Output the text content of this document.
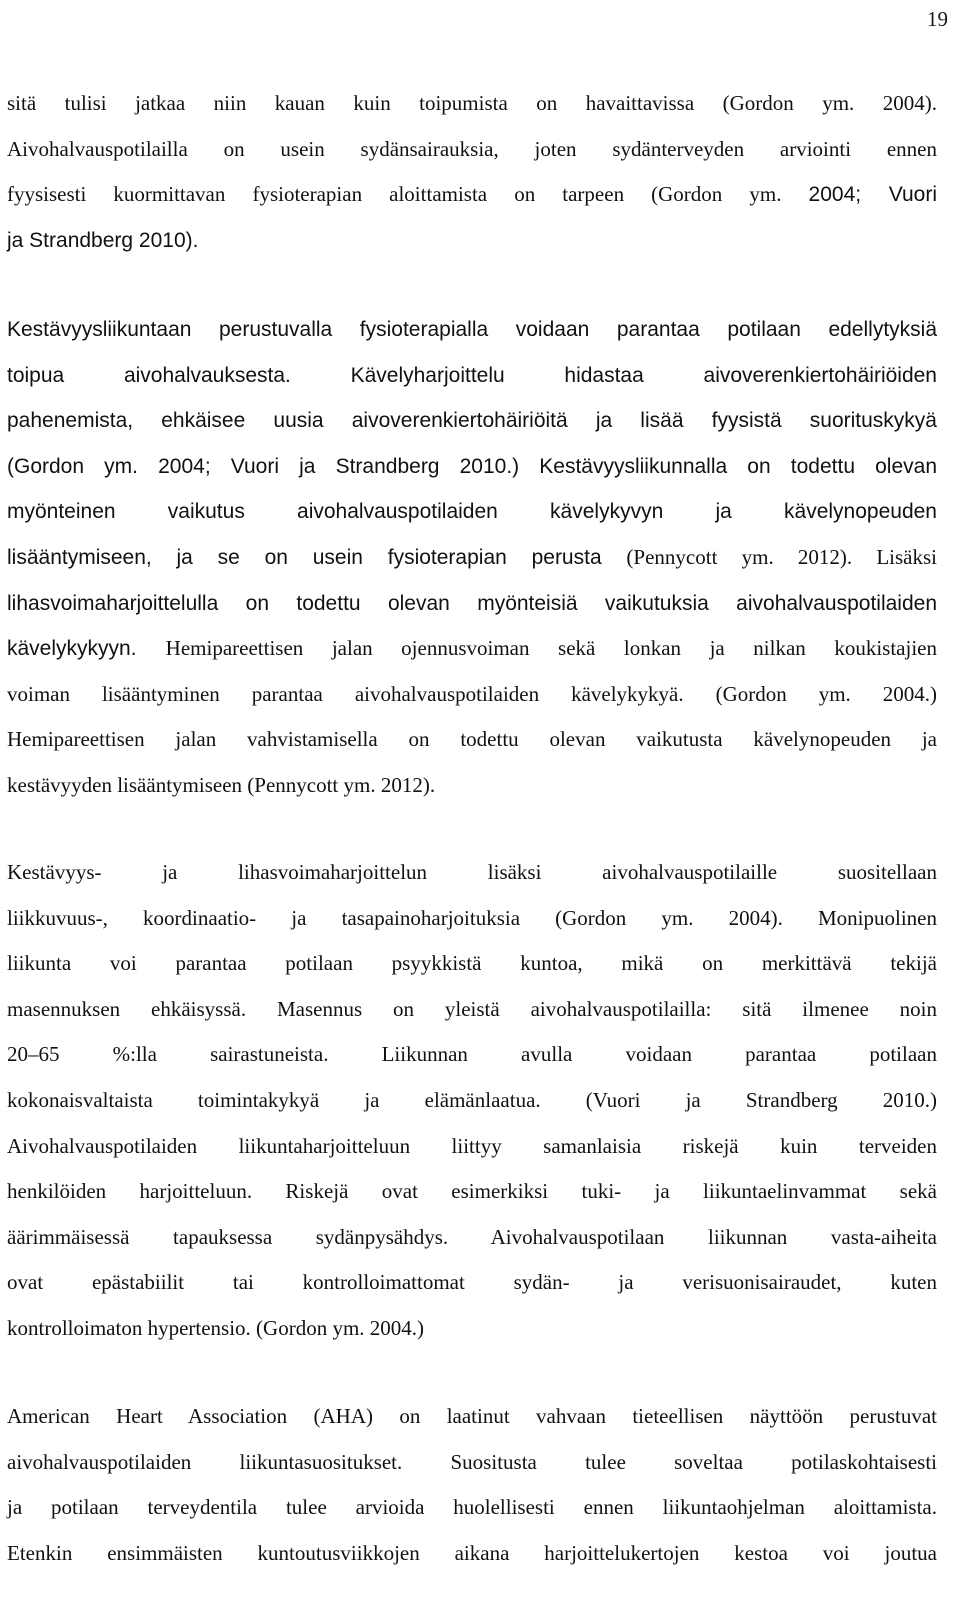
19
sitä tulisi jatkaa niin kauan kuin toipumista on havaittavissa (Gordon ym. 2004).
Aivohalvauspotilailla on usein sydänsairauksia, joten sydänterveyden arviointi ennen
fyysisesti kuormittavan fysioterapian aloittamista on tarpeen (Gordon ym. 2004; Vuori
ja Strandberg 2010).
Kestävyysliikuntaan perustuvalla fysioterapialla voidaan parantaa potilaan edellytyksiä
toipua aivohalvauksesta. Kävelyharjoittelu hidastaa aivoverenkiertohäiriöiden
pahenemista, ehkäisee uusia aivoverenkiertohäiriöitä ja lisää fyysistä suorituskykyä
(Gordon ym. 2004; Vuori ja Strandberg 2010.) Kestävyysliikunnalla on todettu olevan
myönteinen vaikutus aivohalvauspotilaiden kävelykyvyn ja kävelynopeuden
lisääntymiseen, ja se on usein fysioterapian perusta (Pennycott ym. 2012). Lisäksi
lihasvoimaharjoittelulla on todettu olevan myönteisiä vaikutuksia aivohalvauspotilaiden
kävelykykyyn. Hemipareettisen jalan ojennusvoiman sekä lonkan ja nilkan koukistajien
voiman lisääntyminen parantaa aivohalvauspotilaiden kävelykykyä. (Gordon ym. 2004.)
Hemipareettisen jalan vahvistamisella on todettu olevan vaikutusta kävelynopeuden ja
kestävyyden lisääntymiseen (Pennycott ym. 2012).
Kestävyys- ja lihasvoimaharjoittelun lisäksi aivohalvauspotilaille suositellaan
liikkuvuus-, koordinaatio- ja tasapainoharjoituksia (Gordon ym. 2004). Monipuolinen
liikunta voi parantaa potilaan psyykkistä kuntoa, mikä on merkittävä tekijä
masennuksen ehkäisyssä. Masennus on yleistä aivohalvauspotilailla: sitä ilmenee noin
20–65 %:lla sairastuneista. Liikunnan avulla voidaan parantaa potilaan
kokonaisvaltaista toimintakykyä ja elämänlaatua. (Vuori ja Strandberg 2010.)
Aivohalvauspotilaiden liikuntaharjoitteluun liittyy samanlaisia riskejä kuin terveiden
henkilöiden harjoitteluun. Riskejä ovat esimerkiksi tuki- ja liikuntaelinvammat sekä
äärimmäisessä tapauksessa sydänpysähdys. Aivohalvauspotilaan liikunnan vasta-aiheita
ovat epästabiilit tai kontrolloimattomat sydän- ja verisuonisairaudet, kuten
kontrolloimaton hypertensio. (Gordon ym. 2004.)
American Heart Association (AHA) on laatinut vahvaan tieteellisen näyttöön perustuvat
aivohalvauspotilaiden liikuntasuositukset. Suositusta tulee soveltaa potilaskohtaisesti
ja potilaan terveydentila tulee arvioida huolellisesti ennen liikuntaohjelman aloittamista.
Etenkin ensimmäisten kuntoutusviikkojen aikana harjoittelukertojen kestoa voi joutua
